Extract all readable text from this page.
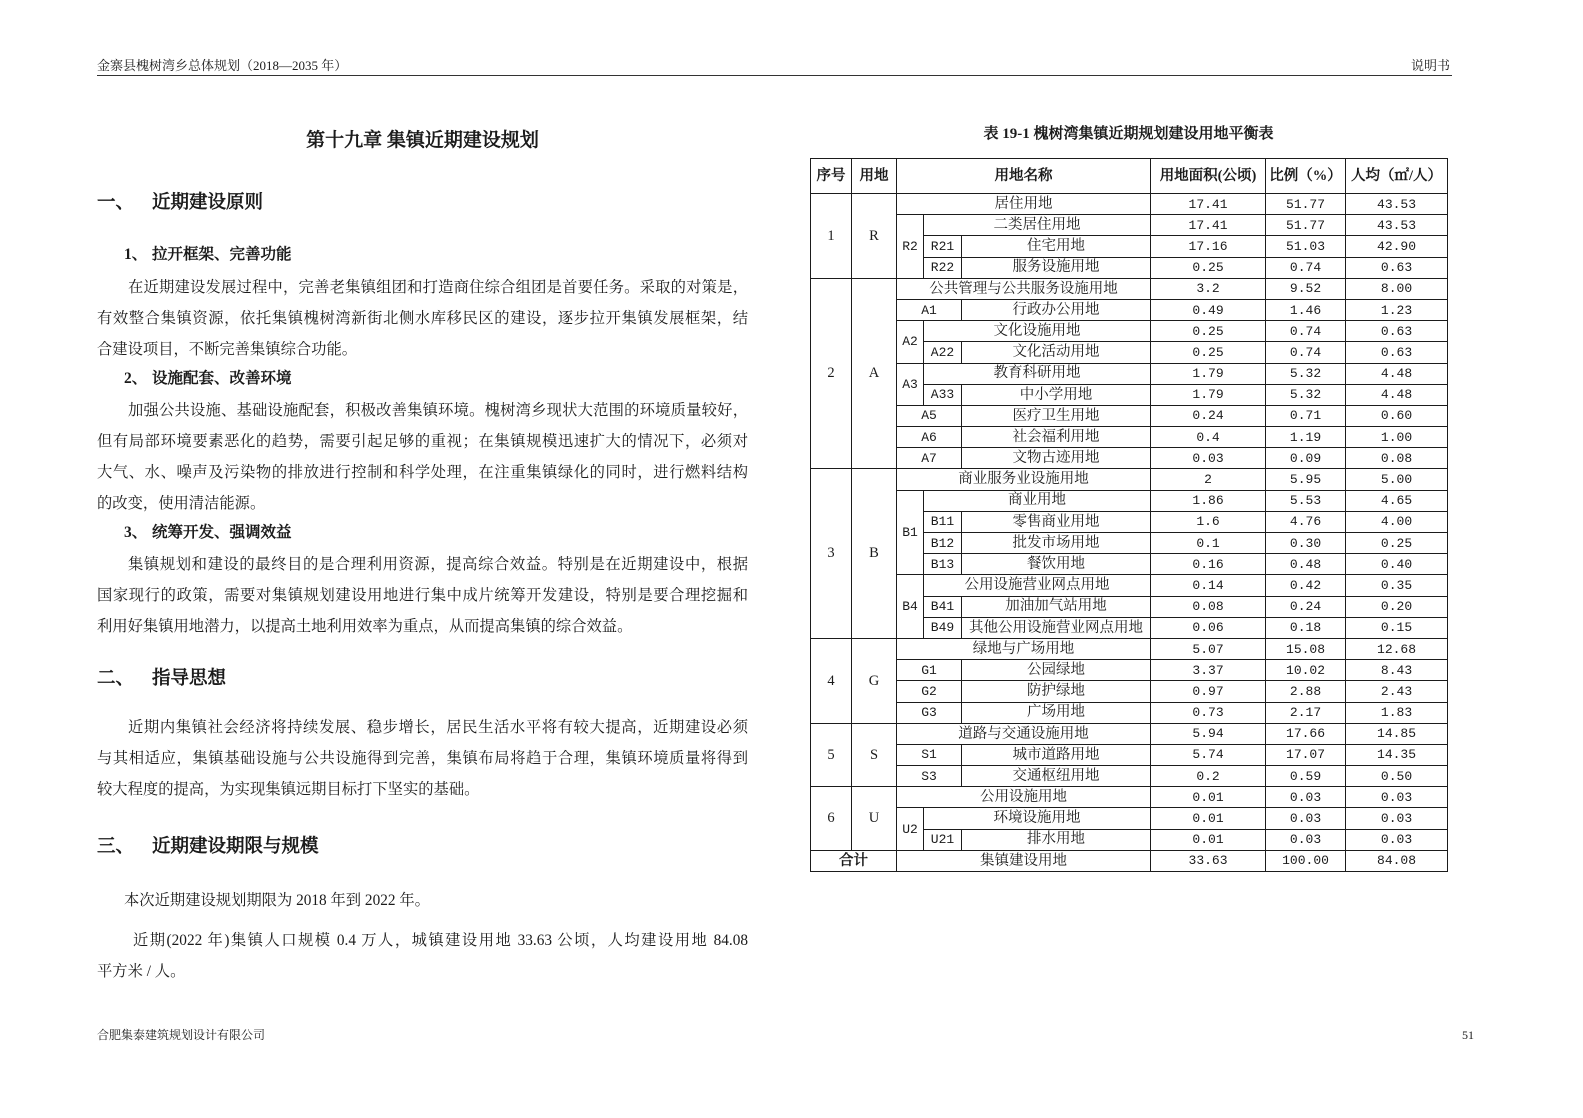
金寨县槐树湾乡总体规划（2018—2035 年）	说明书
第十九章 集镇近期建设规划
一、 近期建设原则
1、 拉开框架、完善功能
在近期建设发展过程中，完善老集镇组团和打造商住综合组团是首要任务。采取的对策是，
有效整合集镇资源，依托集镇槐树湾新街北侧水库移民区的建设，逐步拉开集镇发展框架，结
合建设项目，不断完善集镇综合功能。
2、 设施配套、改善环境
加强公共设施、基础设施配套，积极改善集镇环境。槐树湾乡现状大范围的环境质量较好，
但有局部环境要素恶化的趋势，需要引起足够的重视；在集镇规模迅速扩大的情况下，必须对
大气、水、噪声及污染物的排放进行控制和科学处理，在注重集镇绿化的同时，进行燃料结构
的改变，使用清洁能源。
3、 统筹开发、强调效益
集镇规划和建设的最终目的是合理利用资源，提高综合效益。特别是在近期建设中，根据
国家现行的政策，需要对集镇规划建设用地进行集中成片统筹开发建设，特别是要合理挖掘和
利用好集镇用地潜力，以提高土地利用效率为重点，从而提高集镇的综合效益。
二、 指导思想
近期内集镇社会经济将持续发展、稳步增长，居民生活水平将有较大提高，近期建设必须
与其相适应，集镇基础设施与公共设施得到完善，集镇布局将趋于合理，集镇环境质量将得到
较大程度的提高，为实现集镇远期目标打下坚实的基础。
三、 近期建设期限与规模
本次近期建设规划期限为 2018 年到 2022 年。
近期(2022 年)集镇人口规模 0.4 万人，城镇建设用地 33.63 公顷，人均建设用地 84.08
平方米 / 人。
表 19-1 槐树湾集镇近期规划建设用地平衡表
序号	用地	用地名称			用地面积(公顷)	比例（%）	人均（㎡/人）
1	R	居住用地			17.41	51.77	43.53
		R2	二类居住用地		17.41	51.77	43.53
			R21	住宅用地	17.16	51.03	42.90
			R22	服务设施用地	0.25	0.74	0.63
2	A	公共管理与公共服务设施用地			3.2	9.52	8.00
		A1		行政办公用地	0.49	1.46	1.23
		A2	文化设施用地		0.25	0.74	0.63
			A22	文化活动用地	0.25	0.74	0.63
		A3	教育科研用地		1.79	5.32	4.48
			A33	中小学用地	1.79	5.32	4.48
		A5		医疗卫生用地	0.24	0.71	0.60
		A6		社会福利用地	0.4	1.19	1.00
		A7		文物古迹用地	0.03	0.09	0.08
3	B	商业服务业设施用地			2	5.95	5.00
		B1	商业用地		1.86	5.53	4.65
			B11	零售商业用地	1.6	4.76	4.00
			B12	批发市场用地	0.1	0.30	0.25
			B13	餐饮用地	0.16	0.48	0.40
		B4	公用设施营业网点用地		0.14	0.42	0.35
			B41	加油加气站用地	0.08	0.24	0.20
			B49	其他公用设施营业网点用地	0.06	0.18	0.15
4	G	绿地与广场用地			5.07	15.08	12.68
		G1		公园绿地	3.37	10.02	8.43
		G2		防护绿地	0.97	2.88	2.43
		G3		广场用地	0.73	2.17	1.83
5	S	道路与交通设施用地			5.94	17.66	14.85
		S1		城市道路用地	5.74	17.07	14.35
		S3		交通枢纽用地	0.2	0.59	0.50
6	U	公用设施用地			0.01	0.03	0.03
		U2	环境设施用地		0.01	0.03	0.03
			U21	排水用地	0.01	0.03	0.03
合计		集镇建设用地			33.63	100.00	84.08
合肥集泰建筑规划设计有限公司	51
